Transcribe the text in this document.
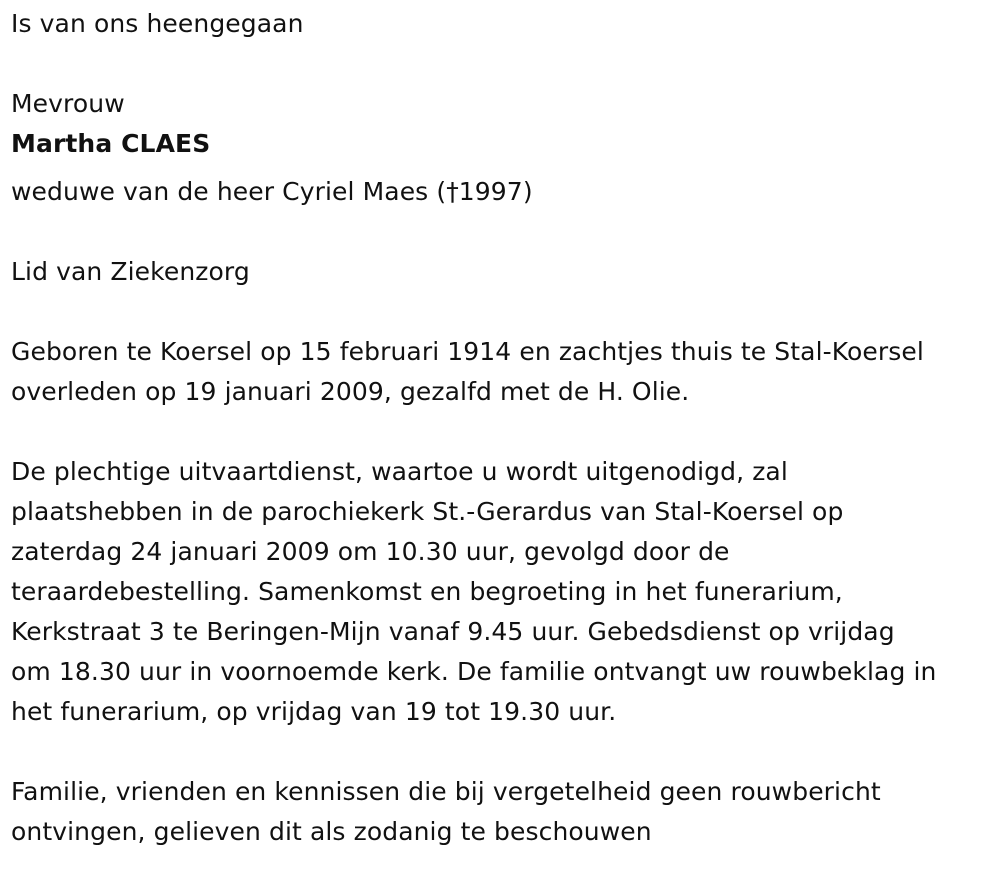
Is van ons heengegaan
Mevrouw
Martha CLAES
weduwe van de heer Cyriel Maes (†1997)
Lid van Ziekenzorg
Geboren te Koersel op 15 februari 1914 en zachtjes thuis te Stal-Koersel
overleden op 19 januari 2009, gezalfd met de H. Olie.
De plechtige uitvaartdienst, waartoe u wordt uitgenodigd, zal
plaatshebben in de parochiekerk St.-Gerardus van Stal-Koersel op
zaterdag 24 januari 2009 om 10.30 uur, gevolgd door de
teraardebestelling. Samenkomst en begroeting in het funerarium,
Kerkstraat 3 te Beringen-Mijn vanaf 9.45 uur. Gebedsdienst op vrijdag
om 18.30 uur in voornoemde kerk. De familie ontvangt uw rouwbeklag in
het funerarium, op vrijdag van 19 tot 19.30 uur.
Familie, vrienden en kennissen die bij vergetelheid geen rouwbericht
ontvingen, gelieven dit als zodanig te beschouwen
